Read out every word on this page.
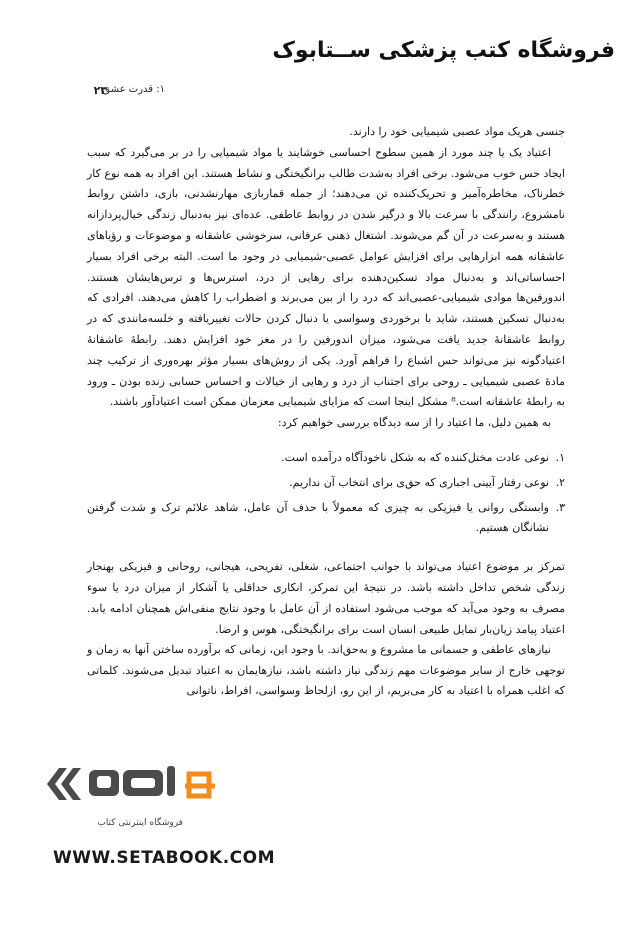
فروشگاه کتب پزشکی ســتابوک
۱: قدرت عشق
۲۳

جنسی هریک مواد عصبی شیمیایی خود را دارند.

اعتیاد یک یا چند مورد از همین سطوح احساسی خوشایند یا مواد شیمیایی را در بر می‌گیرد که سبب ایجاد حس خوب می‌شود. برخی افراد به‌شدت طالب برانگیختگی و نشاط هستند. این افراد به همه نوع کار خطرناک، مخاطره‌آمیز و تحریک‌کننده تن می‌دهند؛ از جمله قماربازی مهارنشدنی، بازی، داشتن روابط نامشروع، رانندگی با سرعت بالا و درگیر شدن در روابط عاطفی. عده‌ای نیز به‌دنبال زندگی خیال‌پردازانه هستند و به‌سرعت در آن گم می‌شوند. اشتغال ذهنی عرفانی، سرخوشی عاشقانه و موضوعات و رؤیاهای عاشقانه همه ابزارهایی برای افزایش عوامل عصبی-شیمیایی در وجود ما است. البته برخی افراد بسیار احساساتی‌اند و به‌دنبال مواد تسکین‌دهنده برای رهایی از درد، استرس‌ها و ترس‌هایشان هستند. اندورفین‌ها موادی شیمیایی-عصبی‌اند که درد را از بین می‌برند و اضطراب را کاهش می‌دهند. افرادی که به‌دنبال تسکین هستند، شاید با برخوردی وسواسی یا دنبال کردن حالات تغییریافته و خلسه‌مانندی که در روابط عاشقانهٔ جدید یافت می‌شود، میزان اندورفین را در مغز خود افزایش دهند. رابطهٔ عاشقانهٔ اعتیادگونه نیز می‌تواند حس اشباع را فراهم آورد. یکی از روش‌های بسیار مؤثر بهره‌وری از ترکیب چند مادهٔ عصبی شیمیایی ـ روحی برای اجتناب از درد و رهایی از خیالات و احساس حسابی زنده بودن ـ ورود به رابطهٔ عاشقانه است.⁸ مشکل اینجا است که مزایای شیمیایی معزمان ممکن است اعتیادآور باشند.

به همین دلیل، ما اعتیاد را از سه دیدگاه بررسی خواهیم کرد:

۱.
نوعی عادت مختل‌کننده که به شکل ناخودآگاه درآمده است.
۲.
نوعی رفتار آیینی اجباری که حق‌ی برای انتخاب آن نداریم.
۳.
وابستگی روانی یا فیزیکی به چیزی که معمولاً با حذف آن عامل، شاهد علائم ترک و شدت گرفتن نشانگان هستیم.

تمرکز بر موضوع اعتیاد می‌تواند با جوانب اجتماعی، شغلی، تفریحی، هیجانی، روحانی و فیزیکی بهنجار زندگی شخص تداخل داشته باشد. در نتیجهٔ این تمرکز، انکاری حداقلی یا آشکار از میزان درد یا سوء مصرف به وجود می‌آید که موجب می‌شود استفاده از آن عامل با وجود نتایج منفی‌اش همچنان ادامه یابد. اعتیاد پیامد زیان‌بار تمایل طبیعی انسان است برای برانگیختگی، هوس و ارضا.

نیازهای عاطفی و جسمانی ما مشروع و به‌حق‌اند. با وجود این، زمانی که برآورده ساختن آنها به زمان و توجهی خارج از سایر موضوعات مهم زندگی نیاز داشته باشد، نیازهایمان به اعتیاد تبدیل می‌شوند. کلماتی که اغلب همراه با اعتیاد به کار می‌بریم، از این رو، ازلحاظ وسواسی، افراط، ناتوانی

فروشگاه اینترنتی کتاب
WWW.SETABOOK.COM
